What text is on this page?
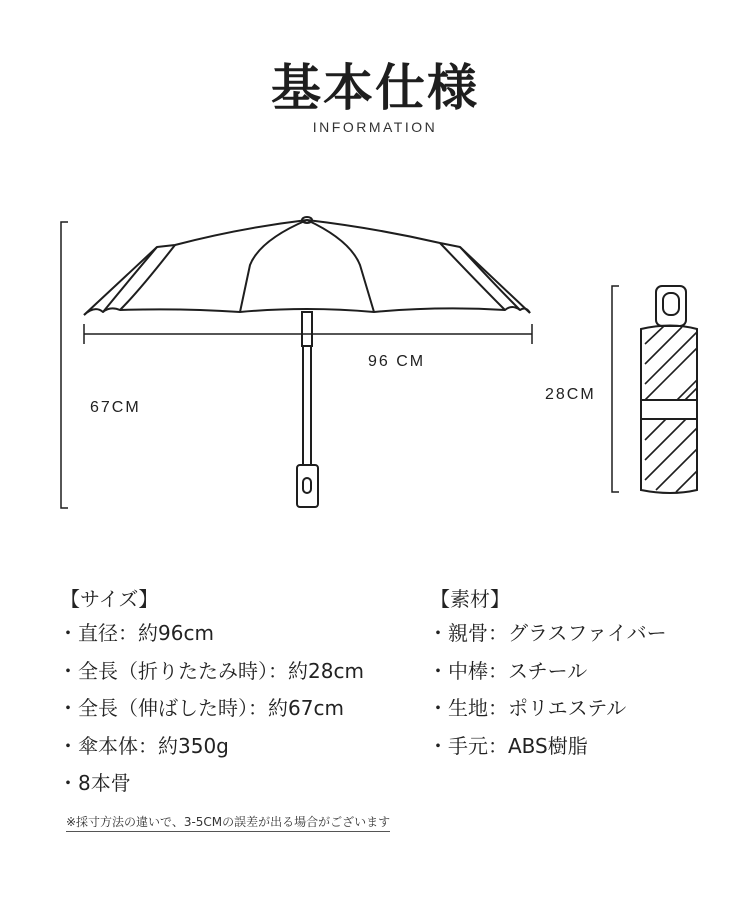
基本仕様
INFORMATION
96 CM
67CM
28CM
【サイズ】
・直径：約96cm
・全長（折りたたみ時）：約28cm
・全長（伸ばした時）：約67cm
・傘本体：約350g
・8本骨
【素材】
・親骨：グラスファイバー
・中棒：スチール
・生地：ポリエステル
・手元：ABS樹脂
※採寸方法の違いで、3-5CMの誤差が出る場合がございます
